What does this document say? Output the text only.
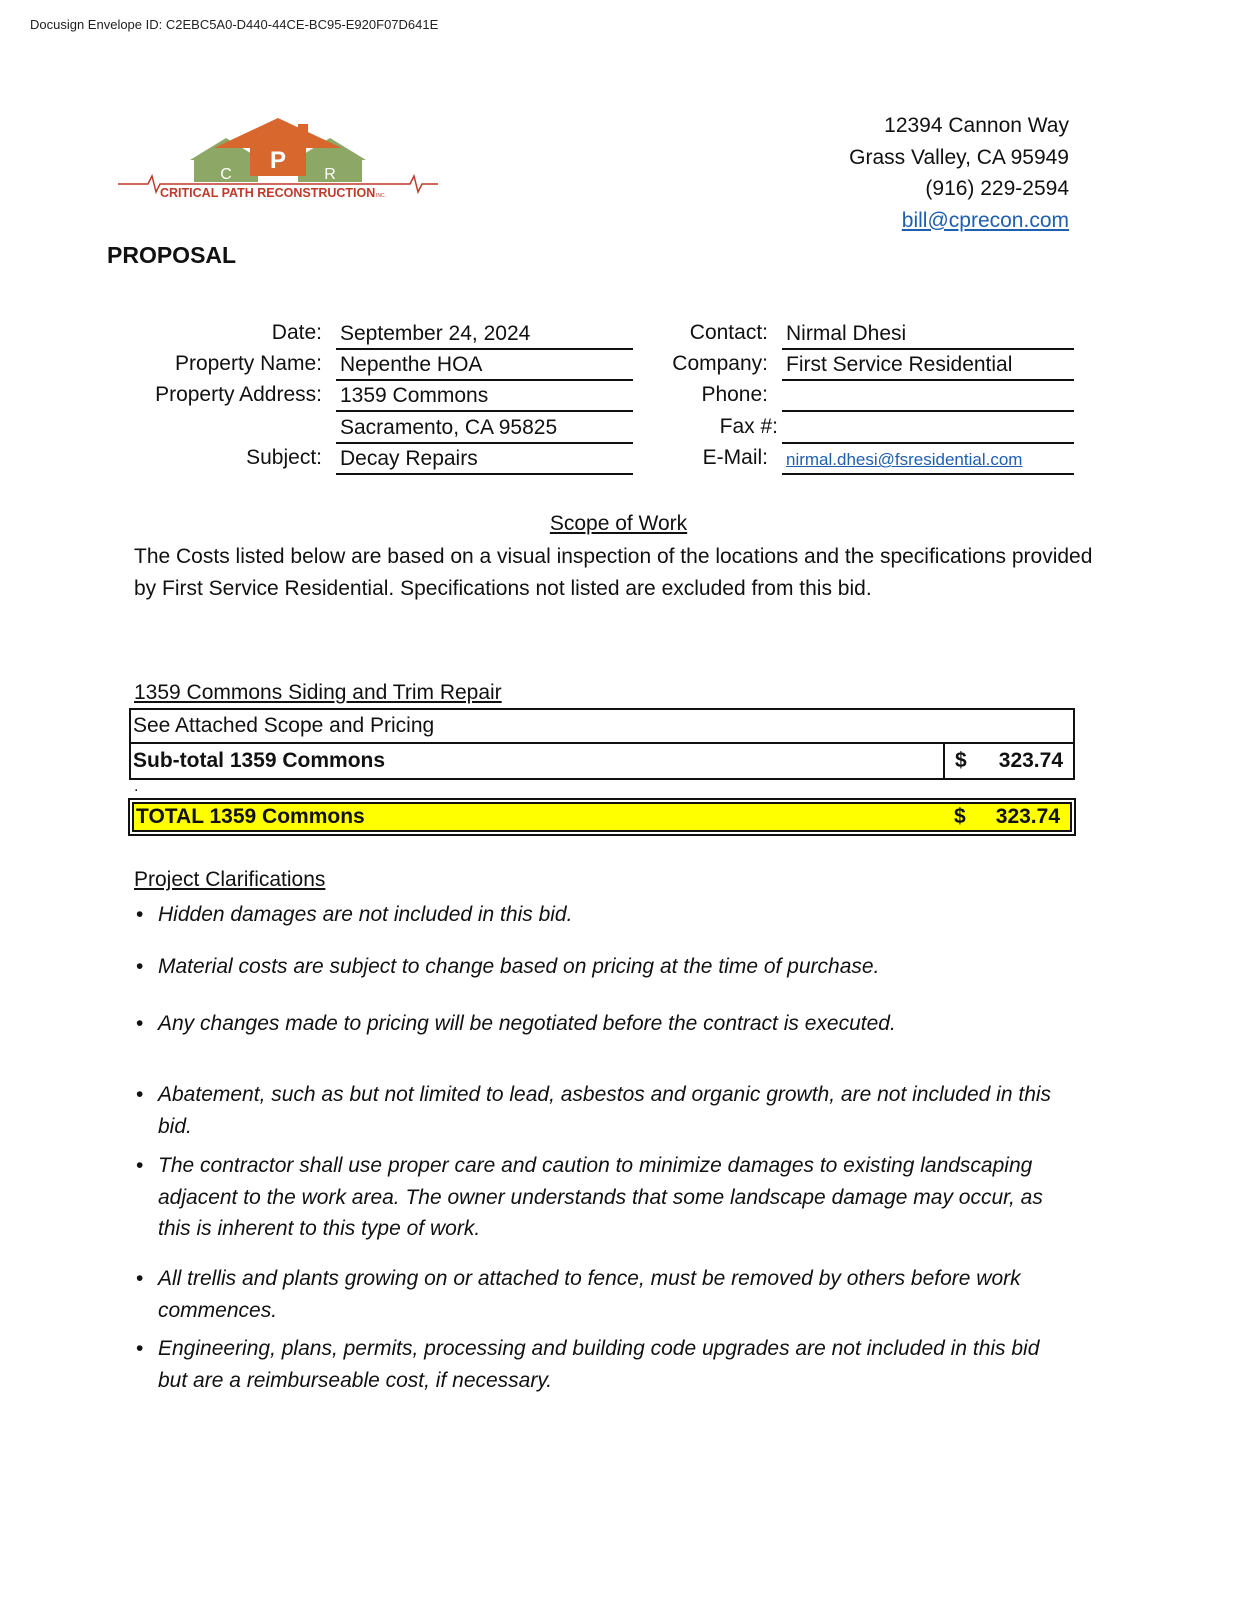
Docusign Envelope ID: C2EBC5A0-D440-44CE-BC95-E920F07D641E
P
C	R
CRITICAL PATH RECONSTRUCTION INC.
12394 Cannon Way
Grass Valley, CA 95949
(916) 229-2594
bill@cprecon.com
PROPOSAL
Date: September 24, 2024
Property Name: Nepenthe HOA
Property Address: 1359 Commons
Sacramento, CA 95825
Subject: Decay Repairs
Contact: Nirmal Dhesi
Company: First Service Residential
Phone:
Fax #:
E-Mail: nirmal.dhesi@fsresidential.com
Scope of Work
The Costs listed below are based on a visual inspection of the locations and the specifications provided by First Service Residential. Specifications not listed are excluded from this bid.
1359 Commons Siding and Trim Repair
See Attached Scope and Pricing
Sub-total 1359 Commons	$ 323.74
.
TOTAL 1359 Commons	$ 323.74
Project Clarifications
• Hidden damages are not included in this bid.
• Material costs are subject to change based on pricing at the time of purchase.
• Any changes made to pricing will be negotiated before the contract is executed.
• Abatement, such as but not limited to lead, asbestos and organic growth, are not included in this bid.
• The contractor shall use proper care and caution to minimize damages to existing landscaping adjacent to the work area. The owner understands that some landscape damage may occur, as this is inherent to this type of work.
• All trellis and plants growing on or attached to fence, must be removed by others before work commences.
• Engineering, plans, permits, processing and building code upgrades are not included in this bid but are a reimburseable cost, if necessary.
